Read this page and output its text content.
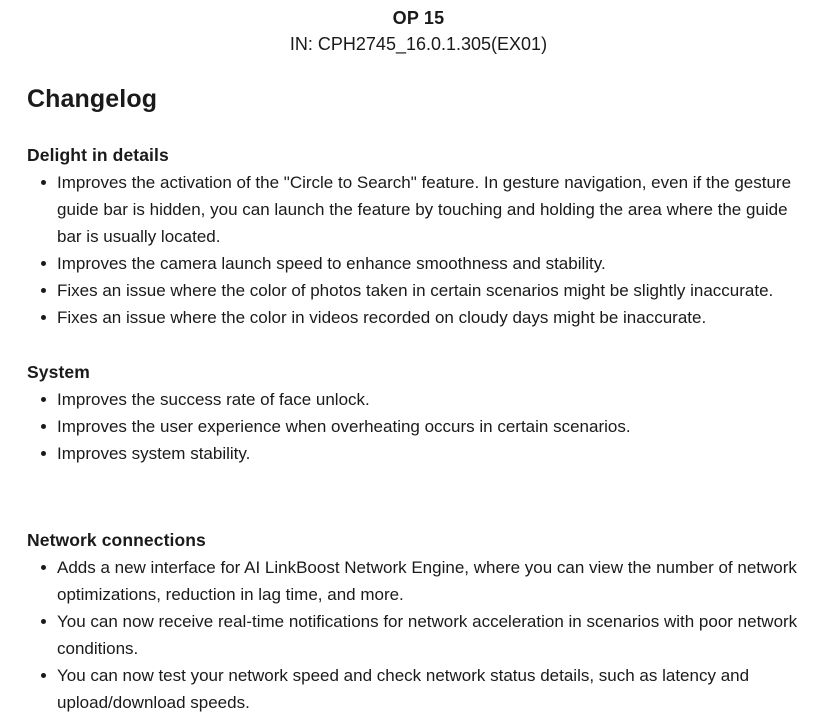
OP 15
IN: CPH2745_16.0.1.305(EX01)
Changelog
Delight in details
Improves the activation of the "Circle to Search" feature. In gesture navigation, even if the gesture guide bar is hidden, you can launch the feature by touching and holding the area where the guide bar is usually located.
Improves the camera launch speed to enhance smoothness and stability.
Fixes an issue where the color of photos taken in certain scenarios might be slightly inaccurate.
Fixes an issue where the color in videos recorded on cloudy days might be inaccurate.
System
Improves the success rate of face unlock.
Improves the user experience when overheating occurs in certain scenarios.
Improves system stability.
Network connections
Adds a new interface for AI LinkBoost Network Engine, where you can view the number of network optimizations, reduction in lag time, and more.
You can now receive real-time notifications for network acceleration in scenarios with poor network conditions.
You can now test your network speed and check network status details, such as latency and upload/download speeds.
